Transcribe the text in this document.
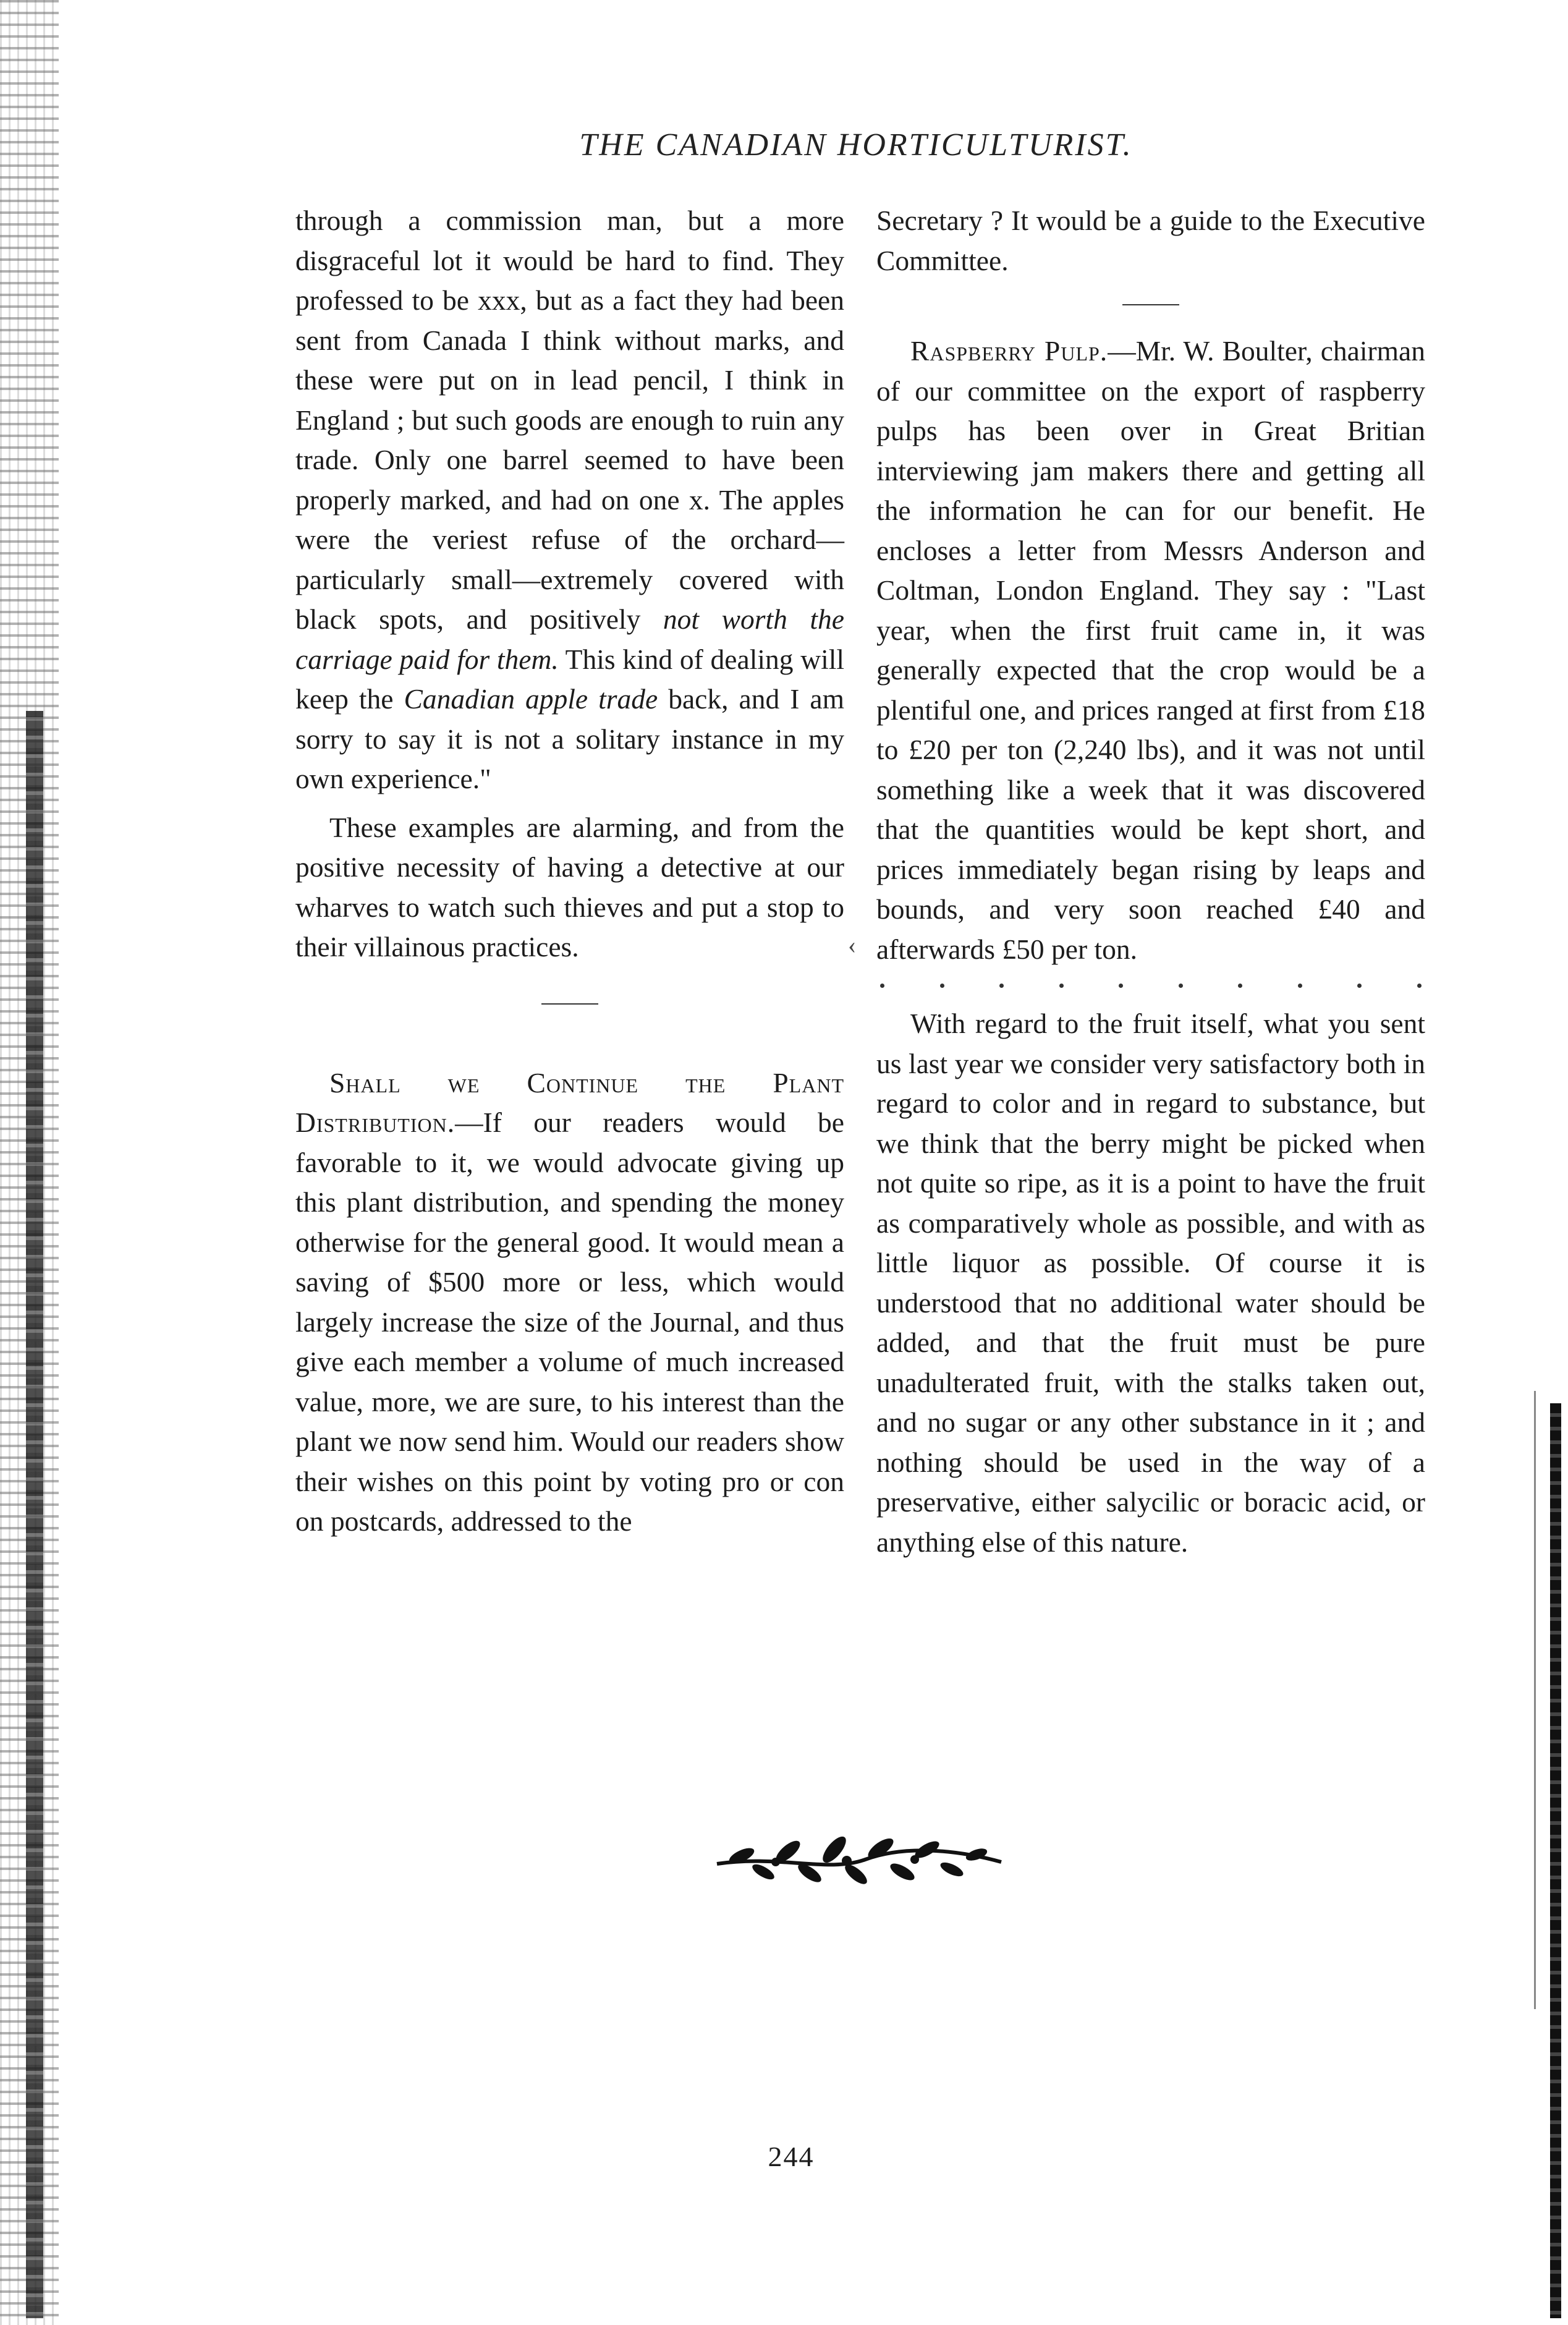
THE CANADIAN HORTICULTURIST.

through a commission man, but a more disgraceful lot it would be hard to find. They professed to be xxx, but as a fact they had been sent from Canada I think without marks, and these were put on in lead pencil, I think in England ; but such goods are enough to ruin any trade. Only one barrel seemed to have been properly marked, and had on one x. The apples were the veriest refuse of the orchard—particularly small—extremely covered with black spots, and positively not worth the carriage paid for them. This kind of dealing will keep the Canadian apple trade back, and I am sorry to say it is not a solitary instance in my own experience."

These examples are alarming, and from the positive necessity of having a detective at our wharves to watch such thieves and put a stop to their villainous practices.

Shall we Continue the Plant Distribution.—If our readers would be favorable to it, we would advocate giving up this plant distribution, and spending the money otherwise for the general good. It would mean a saving of $500 more or less, which would largely increase the size of the Journal, and thus give each member a volume of much increased value, more, we are sure, to his interest than the plant we now send him. Would our readers show their wishes on this point by voting pro or con on postcards, addressed to the

Secretary ? It would be a guide to the Executive Committee.

Raspberry Pulp.—Mr. W. Boulter, chairman of our committee on the export of raspberry pulps has been over in Great Britian interviewing jam makers there and getting all the information he can for our benefit. He encloses a letter from Messrs Anderson and Coltman, London England. They say : "Last year, when the first fruit came in, it was generally expected that the crop would be a plentiful one, and prices ranged at first from £18 to £20 per ton (2,240 lbs), and it was not until something like a week that it was discovered that the quantities would be kept short, and prices immediately began rising by leaps and bounds, and very soon reached £40 and afterwards £50 per ton.

With regard to the fruit itself, what you sent us last year we consider very satisfactory both in regard to color and in regard to substance, but we think that the berry might be picked when not quite so ripe, as it is a point to have the fruit as comparatively whole as possible, and with as little liquor as possible. Of course it is understood that no additional water should be added, and that the fruit must be pure unadulterated fruit, with the stalks taken out, and no sugar or any other substance in it ; and nothing should be used in the way of a preservative, either salycilic or boracic acid, or anything else of this nature.

‹
244
